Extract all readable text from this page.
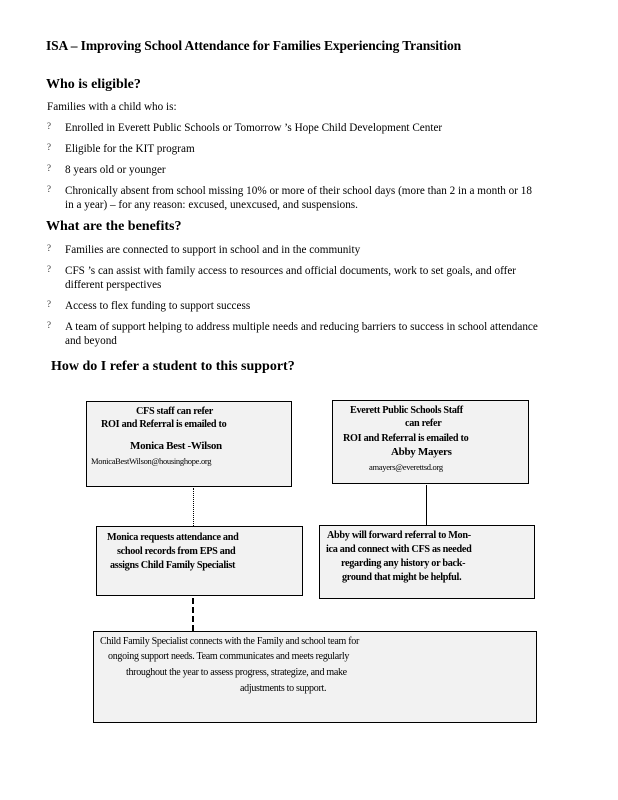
ISA – Improving School Attendance for Families Experiencing Transition
Who is eligible?
Families with a child who is:
? Enrolled in Everett Public Schools or Tomorrow ’s Hope Child Development Center
? Eligible for the KIT program
? 8 years old or younger
? Chronically absent from school missing 10% or more of their school days (more than 2 in a month or 18 in a year) – for any reason: excused, unexcused, and suspensions.
What are the benefits?
? Families are connected to support in school and in the community
? CFS ’s can assist with family access to resources and official documents, work to set goals, and offer different perspectives
? Access to flex funding to support success
? A team of support helping to address multiple needs and reducing barriers to success in school attendance and beyond
How do I refer a student to this support?
CFS staff can refer
ROI and Referral is emailed to
Monica Best -Wilson
MonicaBestWilson@housinghope.org
Everett Public Schools Staff
can refer
ROI and Referral is emailed to
Abby Mayers
amayers@everettsd.org
Monica requests attendance and
school records from EPS and
assigns Child Family Specialist
Abby will forward referral to Mon-
ica and connect with CFS as needed
regarding any history or back-
ground that might be helpful.
Child Family Specialist connects with the Family and school team for
ongoing support needs. Team communicates and meets regularly
throughout the year to assess progress, strategize, and make
adjustments to support.
